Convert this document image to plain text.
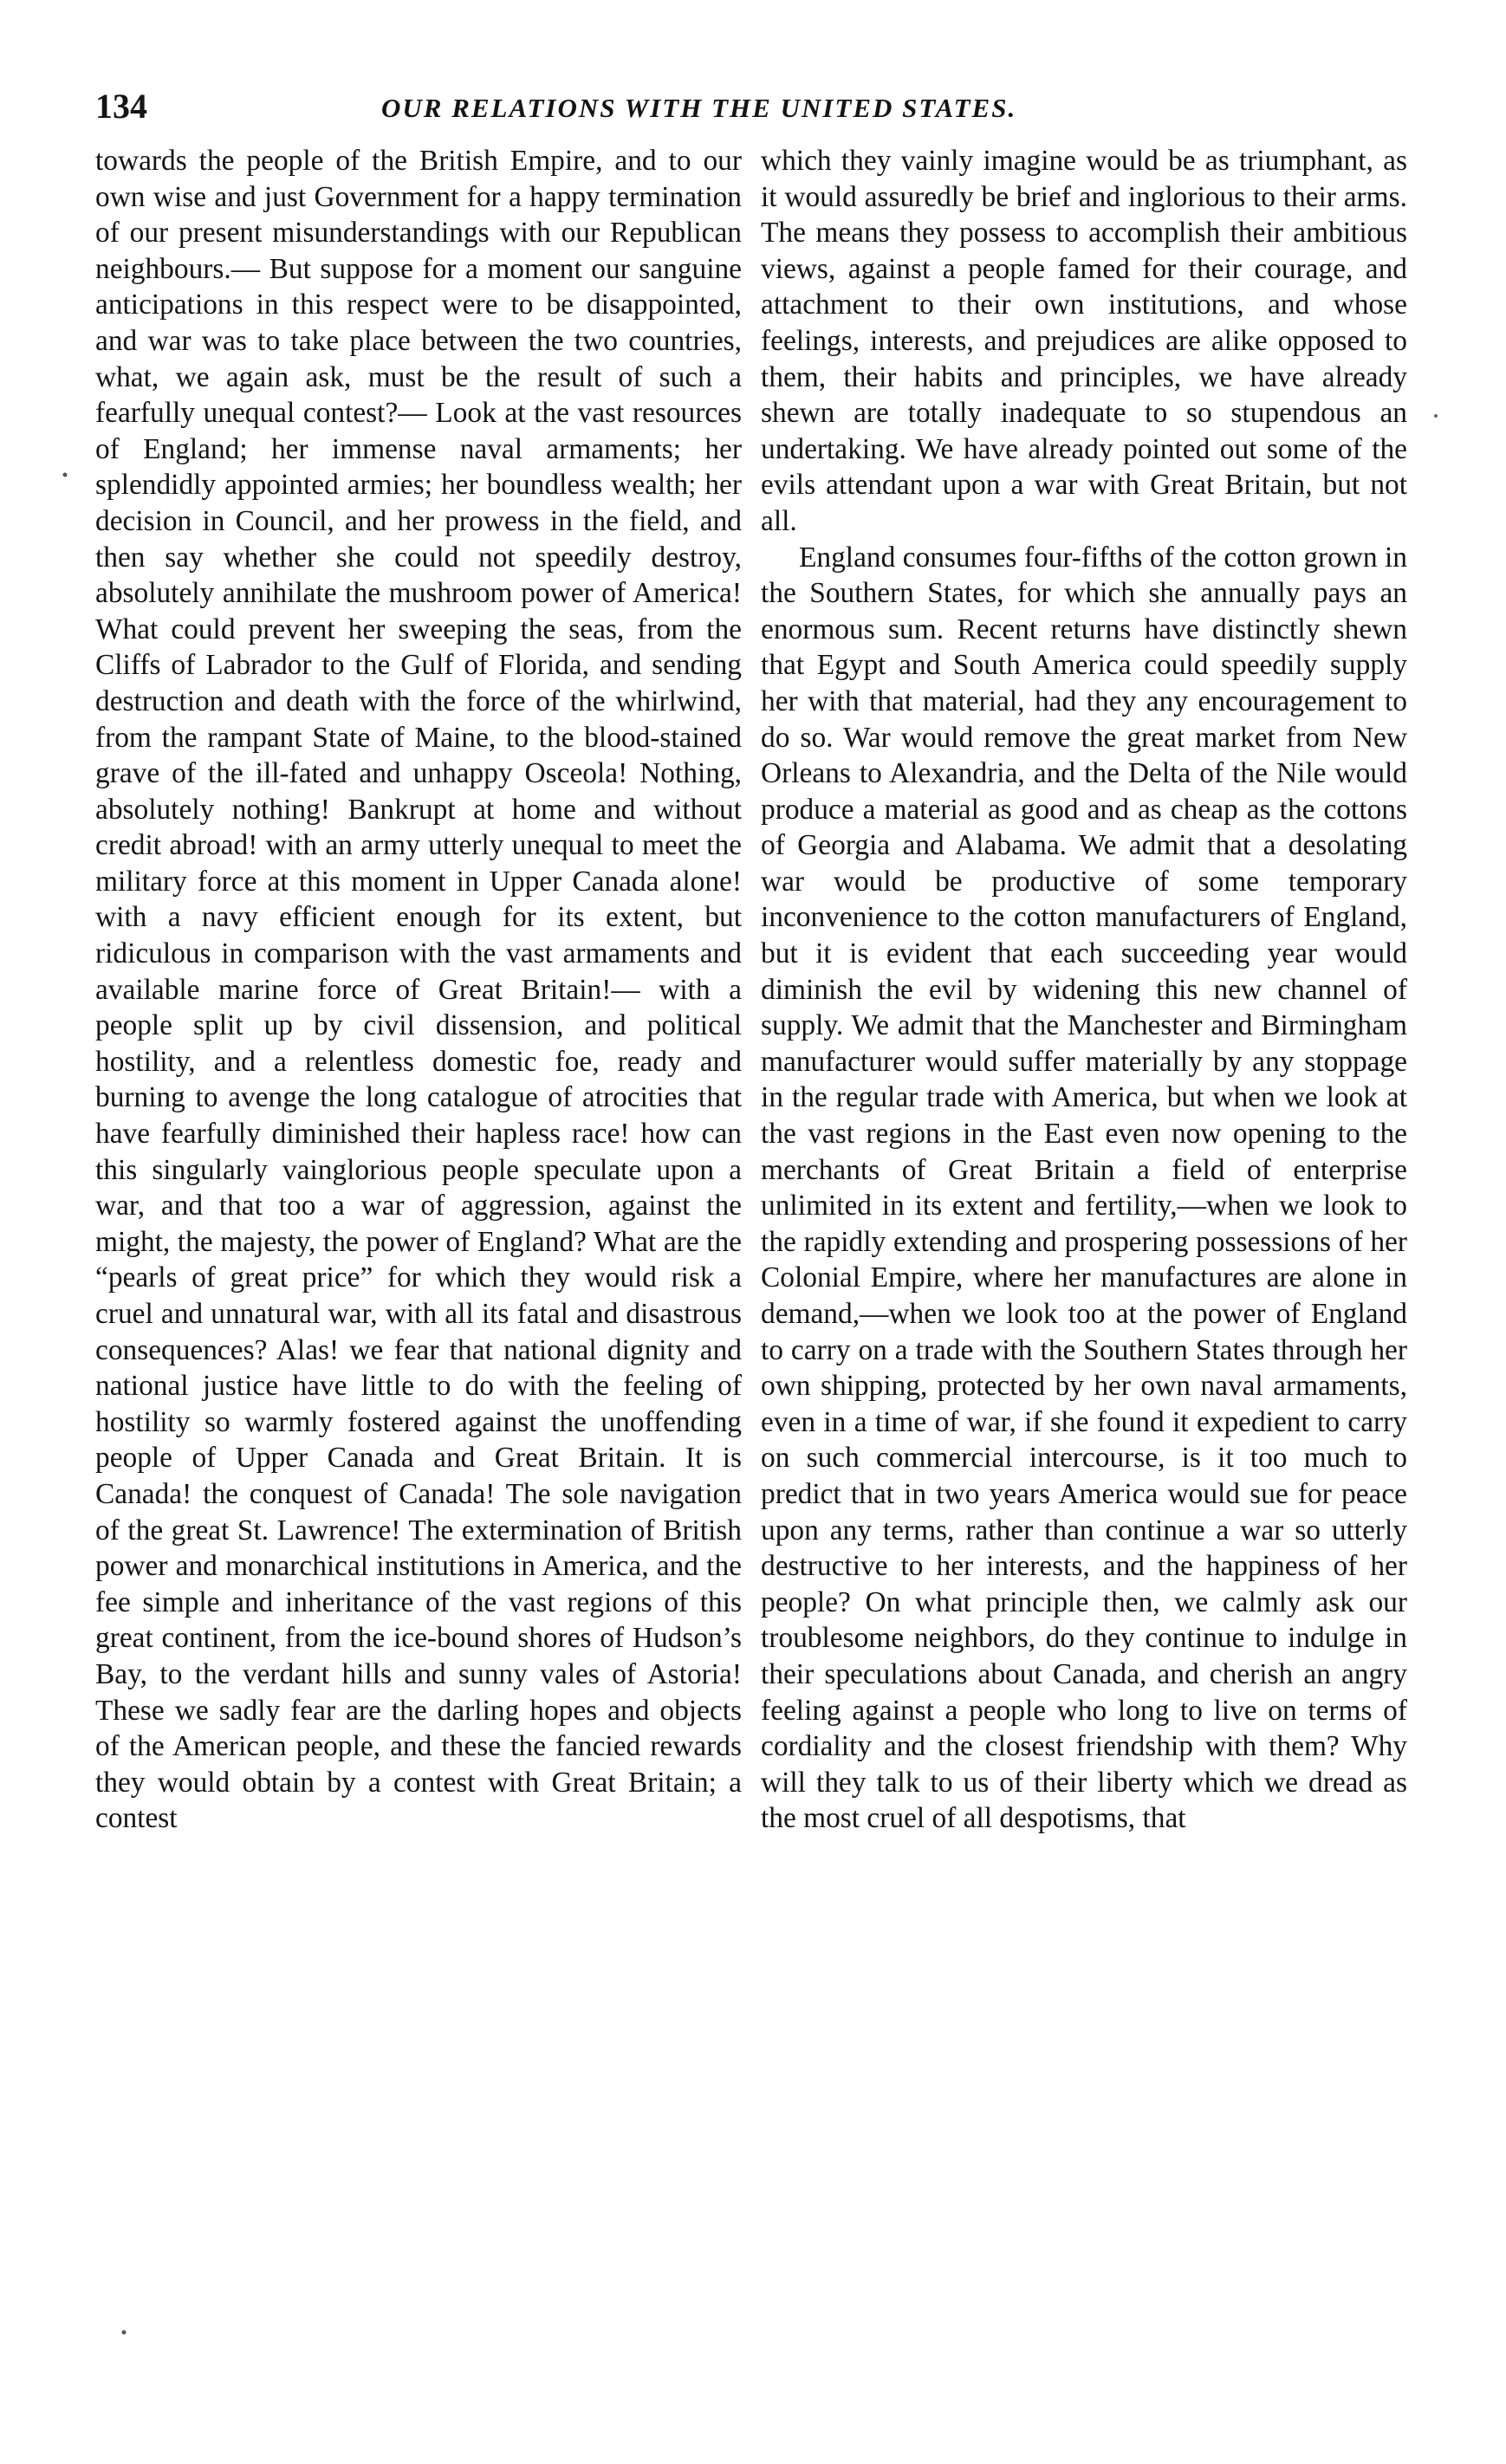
134	OUR RELATIONS WITH THE UNITED STATES.

towards the people of the British Empire, and to our own wise and just Government for a happy termination of our present misunderstandings with our Republican neighbours.— But suppose for a moment our sanguine anticipations in this respect were to be disappointed, and war was to take place between the two countries, what, we again ask, must be the result of such a fearfully unequal contest?— Look at the vast resources of England; her immense naval armaments; her splendidly appointed armies; her boundless wealth; her decision in Council, and her prowess in the field, and then say whether she could not speedily destroy, absolutely annihilate the mushroom power of America! What could prevent her sweeping the seas, from the Cliffs of Labrador to the Gulf of Florida, and sending destruction and death with the force of the whirlwind, from the rampant State of Maine, to the blood-stained grave of the ill-fated and unhappy Osceola! Nothing, absolutely nothing! Bankrupt at home and without credit abroad! with an army utterly unequal to meet the military force at this moment in Upper Canada alone! with a navy efficient enough for its extent, but ridiculous in comparison with the vast armaments and available marine force of Great Britain!— with a people split up by civil dissension, and political hostility, and a relentless domestic foe, ready and burning to avenge the long catalogue of atrocities that have fearfully diminished their hapless race! how can this singularly vainglorious people speculate upon a war, and that too a war of aggression, against the might, the majesty, the power of England? What are the “pearls of great price” for which they would risk a cruel and unnatural war, with all its fatal and disastrous consequences? Alas! we fear that national dignity and national justice have little to do with the feeling of hostility so warmly fostered against the unoffending people of Upper Canada and Great Britain. It is Canada! the conquest of Canada! The sole navigation of the great St. Lawrence! The extermination of British power and monarchical institutions in America, and the fee simple and inheritance of the vast regions of this great continent, from the ice-bound shores of Hudson’s Bay, to the verdant hills and sunny vales of Astoria! These we sadly fear are the darling hopes and objects of the American people, and these the fancied rewards they would obtain by a contest with Great Britain; a contest

which they vainly imagine would be as triumphant, as it would assuredly be brief and inglorious to their arms. The means they possess to accomplish their ambitious views, against a people famed for their courage, and attachment to their own institutions, and whose feelings, interests, and prejudices are alike opposed to them, their habits and principles, we have already shewn are totally inadequate to so stupendous an undertaking. We have already pointed out some of the evils attendant upon a war with Great Britain, but not all.

England consumes four-fifths of the cotton grown in the Southern States, for which she annually pays an enormous sum. Recent returns have distinctly shewn that Egypt and South America could speedily supply her with that material, had they any encouragement to do so. War would remove the great market from New Orleans to Alexandria, and the Delta of the Nile would produce a material as good and as cheap as the cottons of Georgia and Alabama. We admit that a desolating war would be productive of some temporary inconvenience to the cotton manufacturers of England, but it is evident that each succeeding year would diminish the evil by widening this new channel of supply. We admit that the Manchester and Birmingham manufacturer would suffer materially by any stoppage in the regular trade with America, but when we look at the vast regions in the East even now opening to the merchants of Great Britain a field of enterprise unlimited in its extent and fertility,—when we look to the rapidly extending and prospering possessions of her Colonial Empire, where her manufactures are alone in demand,—when we look too at the power of England to carry on a trade with the Southern States through her own shipping, protected by her own naval armaments, even in a time of war, if she found it expedient to carry on such commercial intercourse, is it too much to predict that in two years America would sue for peace upon any terms, rather than continue a war so utterly destructive to her interests, and the happiness of her people? On what principle then, we calmly ask our troublesome neighbors, do they continue to indulge in their speculations about Canada, and cherish an angry feeling against a people who long to live on terms of cordiality and the closest friendship with them? Why will they talk to us of their liberty which we dread as the most cruel of all despotisms, that
